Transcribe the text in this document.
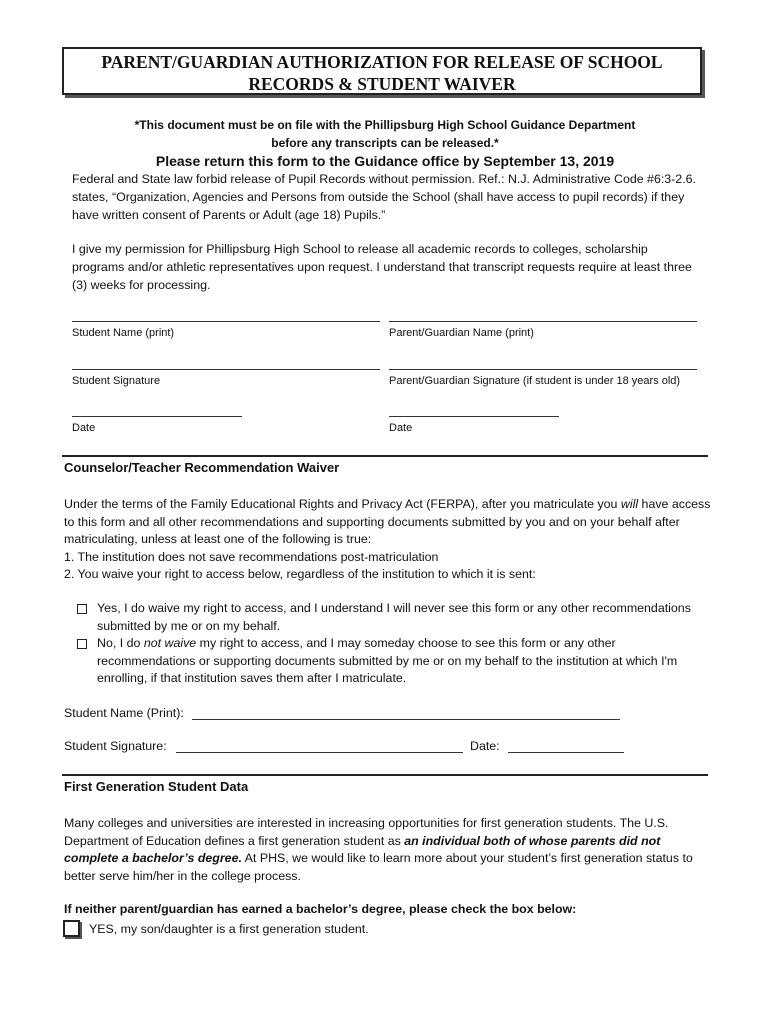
PARENT/GUARDIAN AUTHORIZATION FOR RELEASE OF SCHOOL
RECORDS & STUDENT WAIVER
*This document must be on file with the Phillipsburg High School Guidance Department
before any transcripts can be released.*
Please return this form to the Guidance office by September 13, 2019

Federal and State law forbid release of Pupil Records without permission. Ref.: N.J. Administrative Code #6:3-2.6. states, “Organization, Agencies and Persons from outside the School (shall have access to pupil records) if they have written consent of Parents or Adult (age 18) Pupils.”

I give my permission for Phillipsburg High School to release all academic records to colleges, scholarship programs and/or athletic representatives upon request. I understand that transcript requests require at least three (3) weeks for processing.

Student Name (print)	Parent/Guardian Name (print)
Student Signature	Parent/Guardian Signature (if student is under 18 years old)
Date	Date
Counselor/Teacher Recommendation Waiver
Under the terms of the Family Educational Rights and Privacy Act (FERPA), after you matriculate you will have access to this form and all other recommendations and supporting documents submitted by you and on your behalf after matriculating, unless at least one of the following is true:
1. The institution does not save recommendations post-matriculation
2. You waive your right to access below, regardless of the institution to which it is sent:
Yes, I do waive my right to access, and I understand I will never see this form or any other recommendations submitted by me or on my behalf.
No, I do not waive my right to access, and I may someday choose to see this form or any other recommendations or supporting documents submitted by me or on my behalf to the institution at which I'm enrolling, if that institution saves them after I matriculate.
Student Name (Print):
Student Signature:	Date:
First Generation Student Data
Many colleges and universities are interested in increasing opportunities for first generation students. The U.S. Department of Education defines a first generation student as an individual both of whose parents did not complete a bachelor’s degree. At PHS, we would like to learn more about your student’s first generation status to better serve him/her in the college process.
If neither parent/guardian has earned a bachelor’s degree, please check the box below:
YES, my son/daughter is a first generation student.
